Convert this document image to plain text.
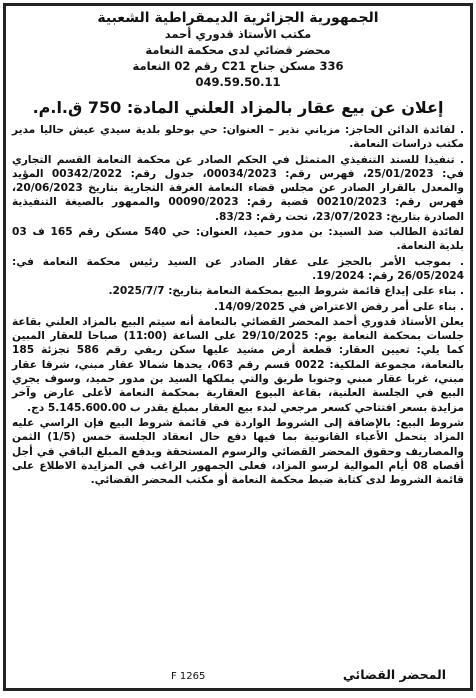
الجمهورية الجزائرية الديمقراطية الشعبية
مكتب الأستاذ قدوري أحمد
محضر قضائي لدى محكمة النعامة
336 مسكن جناح C21 رقم 02 النعامة
049.59.50.11
إعلان عن بيع عقار بالمزاد العلني المادة: 750 ق.ا.م.

. لفائدة الدائن الحاجز: مزياني نذير – العنوان: حي بوحلو بلدية سيدي عيش حاليا مدير مكتب دراسات النعامة.

. تنفيذا للسند التنفيذي المتمثل في الحكم الصادر عن محكمة النعامة القسم التجاري في: 25/01/2023، فهرس رقم: 00034/2023، جدول رقم: 00342/2022 المؤيد والمعدل بالقرار الصادر عن مجلس قضاء النعامة الغرفة التجارية بتاريخ 20/06/2023، فهرس رقم: 00210/2023 قضية رقم: 00090/2023 والممهور بالصيغة التنفيذية الصادرة بتاريخ: 23/07/2023، تحت رقم: 83/23.

لفائدة الطالب ضد السيد: بن مدور حميد، العنوان: حي 540 مسكن رقم 165 ف 03 بلدية النعامة.

. بموجب الأمر بالحجز على عقار الصادر عن السيد رئيس محكمة النعامة في: 26/05/2024 رقم: 19/2024.

. بناء على إيداع قائمة شروط البيع بمحكمة النعامة بتاريخ: 2025/7/7.

. بناء على أمر رفض الاعتراض في 14/09/2025.

يعلن الأستاذ قدوري أحمد المحضر القضائي بالنعامة أنه سيتم البيع بالمزاد العلني بقاعة جلسات بمحكمة النعامة يوم: 29/10/2025 على الساعة (11:00) صباحا للعقار المبين كما يلي: تعيين العقار: قطعة أرض مشيد عليها سكن ريفي رقم 586 تجزئة 185 بالنعامة، مجموعة الملكية: 0022 قسم رقم 063، يحدها شمالا عقار مبني، شرقا عقار مبني، غربا عقار مبني وجنوبا طريق والتي يملكها السيد بن مدور حميد، وسوف يجري البيع في الجلسة العلنية، بقاعة البيوع العقارية بمحكمة النعامة لأعلى عارض وآخر مزايدة بسعر افتتاحي كسعر مرجعي لبدء بيع العقار بمبلغ يقدر ب 5.145.600.00 دج.

شروط البيع: بالإضافة إلى الشروط الواردة في قائمة شروط البيع فإن الراسي عليه المزاد يتحمل الأعباء القانونية بما فيها دفع حال انعقاد الجلسة خمس (1/5) الثمن والمصاريف وحقوق المحضر القضائي والرسوم المستحقة ويدفع المبلغ الباقي في أجل أقصاه 08 أيام الموالية لرسو المزاد، فعلى الجمهور الراغب في المزايدة الاطلاع على قائمة الشروط لدى كتابة ضبط محكمة النعامة أو مكتب المحضر القضائي.

المحضر القضائي
F 1265
